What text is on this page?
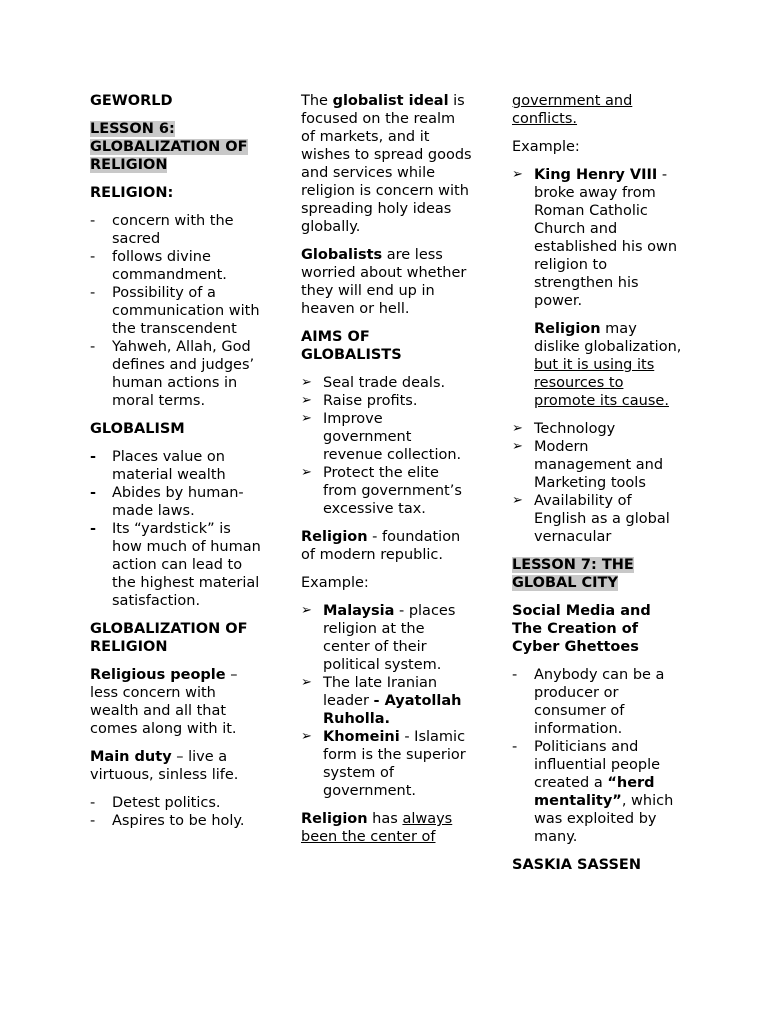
GEWORLD

LESSON 6: GLOBALIZATION OF RELIGION

RELIGION:

- concern with the sacred
- follows divine commandment.
- Possibility of a communication with the transcendent
- Yahweh, Allah, God defines and judges’ human actions in moral terms.

GLOBALISM

- Places value on material wealth
- Abides by human-made laws.
- Its “yardstick” is how much of human action can lead to the highest material satisfaction.

GLOBALIZATION OF RELIGION

Religious people – less concern with wealth and all that comes along with it.

Main duty – live a virtuous, sinless life.

- Detest politics.
- Aspires to be holy.

The globalist ideal is focused on the realm of markets, and it wishes to spread goods and services while religion is concern with spreading holy ideas globally.

Globalists are less worried about whether they will end up in heaven or hell.

AIMS OF GLOBALISTS

➢ Seal trade deals.
➢ Raise profits.
➢ Improve government revenue collection.
➢ Protect the elite from government’s excessive tax.

Religion - foundation of modern republic.

Example:

➢ Malaysia - places religion at the center of their political system.
➢ The late Iranian leader - Ayatollah Ruholla.
➢ Khomeini - Islamic form is the superior system of government.

Religion has always been the center of

government and conflicts.

Example:

➢ King Henry VIII - broke away from Roman Catholic Church and established his own religion to strengthen his power.

Religion may dislike globalization, but it is using its resources to promote its cause.

➢ Technology
➢ Modern management and Marketing tools
➢ Availability of English as a global vernacular

LESSON 7: THE GLOBAL CITY

Social Media and The Creation of Cyber Ghettoes

- Anybody can be a producer or consumer of information.
- Politicians and influential people created a “herd mentality”, which was exploited by many.

SASKIA SASSEN
